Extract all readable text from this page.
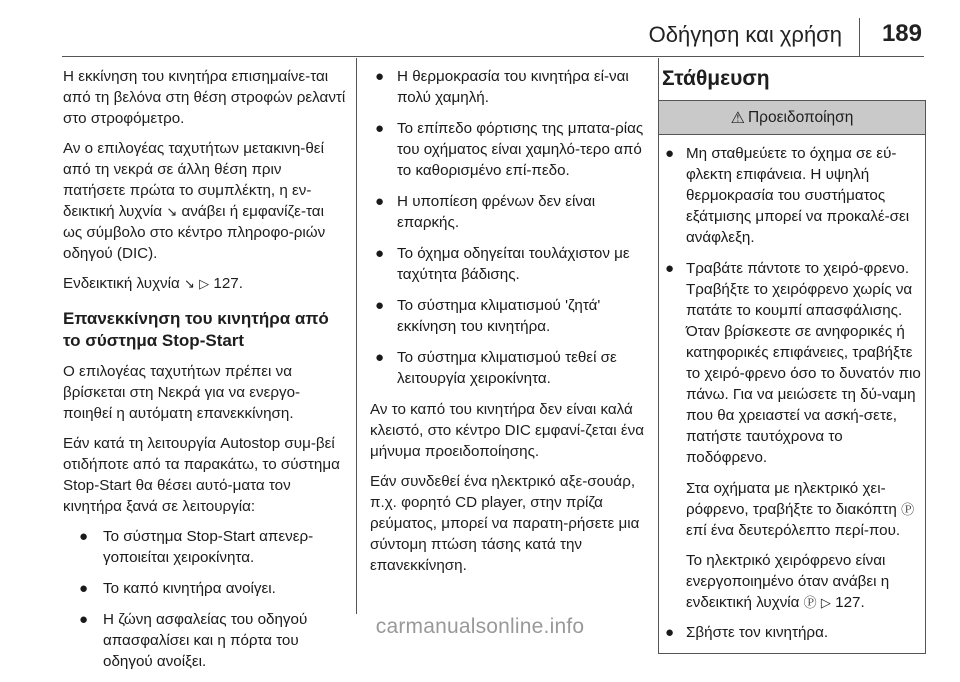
Οδήγηση και χρήση 189

Η εκκίνηση του κινητήρα επισημαίνε-ται από τη βελόνα στη θέση στροφών ρελαντί στο στροφόμετρο.

Αν ο επιλογέας ταχυτήτων μετακινη-θεί από τη νεκρά σε άλλη θέση πριν πατήσετε πρώτα το συμπλέκτη, η εν-δεικτική λυχνία ↘ ανάβει ή εμφανίζε-ται ως σύμβολο στο κέντρο πληροφο-ριών οδηγού (DIC).

Ενδεικτική λυχνία ↘ ▷ 127.

Επανεκκίνηση του κινητήρα από το σύστημα Stop-Start

Ο επιλογέας ταχυτήτων πρέπει να βρίσκεται στη Νεκρά για να ενεργο-ποιηθεί η αυτόματη επανεκκίνηση.

Εάν κατά τη λειτουργία Autostop συμ-βεί οτιδήποτε από τα παρακάτω, το σύστημα Stop-Start θα θέσει αυτό-ματα τον κινητήρα ξανά σε λειτουργία:

● Το σύστημα Stop-Start απενερ-γοποιείται χειροκίνητα.
● Το καπό κινητήρα ανοίγει.
● Η ζώνη ασφαλείας του οδηγού απασφαλίσει και η πόρτα του οδηγού ανοίξει.
● Η θερμοκρασία του κινητήρα εί-ναι πολύ χαμηλή.
● Το επίπεδο φόρτισης της μπατα-ρίας του οχήματος είναι χαμηλό-τερο από το καθορισμένο επί-πεδο.
● Η υποπίεση φρένων δεν είναι επαρκής.
● Το όχημα οδηγείται τουλάχιστον με ταχύτητα βάδισης.
● Το σύστημα κλιματισμού 'ζητά' εκκίνηση του κινητήρα.
● Το σύστημα κλιματισμού τεθεί σε λειτουργία χειροκίνητα.

Αν το καπό του κινητήρα δεν είναι καλά κλειστό, στο κέντρο DIC εμφανί-ζεται ένα μήνυμα προειδοποίησης.

Εάν συνδεθεί ένα ηλεκτρικό αξε-σουάρ, π.χ. φορητό CD player, στην πρίζα ρεύματος, μπορεί να παρατη-ρήσετε μια σύντομη πτώση τάσης κατά την επανεκκίνηση.

Στάθμευση
⚠ Προειδοποίηση
● Μη σταθμεύετε το όχημα σε εύ-φλεκτη επιφάνεια. Η υψηλή θερμοκρασία του συστήματος εξάτμισης μπορεί να προκαλέ-σει ανάφλεξη.
● Τραβάτε πάντοτε το χειρό-φρενο. Τραβήξτε το χειρόφρενο χωρίς να πατάτε το κουμπί απασφάλισης. Όταν βρίσκεστε σε ανηφορικές ή κατηφορικές επιφάνειες, τραβήξτε το χειρό-φρενο όσο το δυνατόν πιο πάνω. Για να μειώσετε τη δύ-ναμη που θα χρειαστεί να ασκή-σετε, πατήστε ταυτόχρονα το ποδόφρενο.

Στα οχήματα με ηλεκτρικό χει-ρόφρενο, τραβήξτε το διακόπτη Ⓟ επί ένα δευτερόλεπτο περί-που.

Το ηλεκτρικό χειρόφρενο είναι ενεργοποιημένο όταν ανάβει η ενδεικτική λυχνία Ⓟ ▷ 127.

● Σβήστε τον κινητήρα.
carmanualsonline.info
